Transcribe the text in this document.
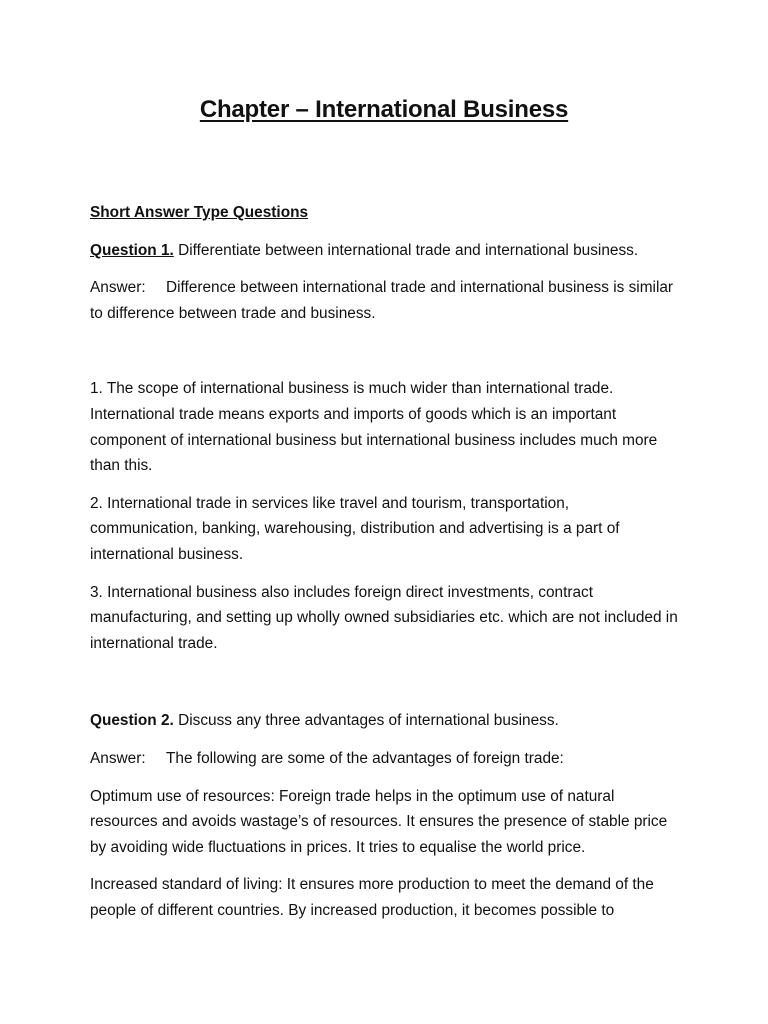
Chapter – International Business
Short Answer Type Questions

Question 1. Differentiate between international trade and international business.

Answer: Difference between international trade and international business is similar to difference between trade and business.

1. The scope of international business is much wider than international trade. International trade means exports and imports of goods which is an important component of international business but international business includes much more than this.

2. International trade in services like travel and tourism, transportation, communication, banking, warehousing, distribution and advertising is a part of international business.

3. International business also includes foreign direct investments, contract manufacturing, and setting up wholly owned subsidiaries etc. which are not included in international trade.

Question 2. Discuss any three advantages of international business.

Answer: The following are some of the advantages of foreign trade:

Optimum use of resources: Foreign trade helps in the optimum use of natural resources and avoids wastage’s of resources. It ensures the presence of stable price by avoiding wide fluctuations in prices. It tries to equalise the world price.

Increased standard of living: It ensures more production to meet the demand of the people of different countries. By increased production, it becomes possible to
